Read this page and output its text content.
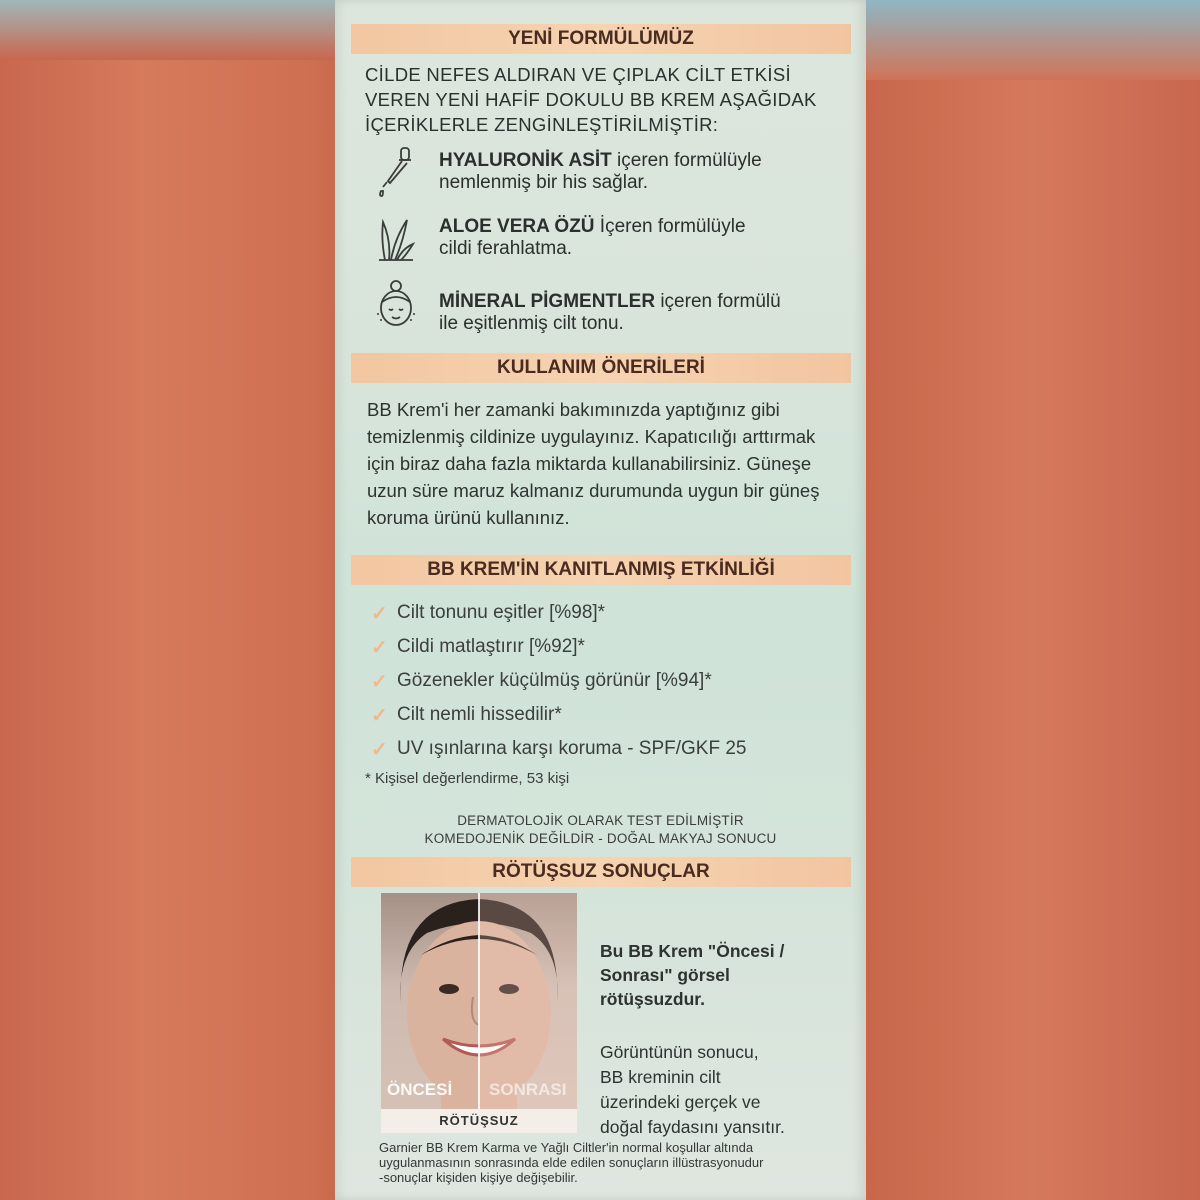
YENİ FORMÜLÜMÜZ
CİLDE NEFES ALDIRAN VE ÇIPLAK CİLT ETKİSİ
VEREN YENİ HAFİF DOKULU BB KREM AŞAĞIDAK
İÇERİKLERLE ZENGİNLEŞTİRİLMİŞTİR:
HYALURONİK ASİT içeren formülüyle
nemlenmiş bir his sağlar.
ALOE VERA ÖZÜ İçeren formülüyle
cildi ferahlatma.
MİNERAL PİGMENTLER içeren formülü
ile eşitlenmiş cilt tonu.
KULLANIM ÖNERİLERİ
BB Krem'i her zamanki bakımınızda yaptığınız gibi
temizlenmiş cildinize uygulayınız. Kapatıcılığı arttırmak
için biraz daha fazla miktarda kullanabilirsiniz. Güneşe
uzun süre maruz kalmanız durumunda uygun bir güneş
koruma ürünü kullanınız.
BB KREM'İN KANITLANMIŞ ETKİNLİĞİ
✓ Cilt tonunu eşitler [%98]*
✓ Cildi matlaştırır [%92]*
✓ Gözenekler küçülmüş görünür [%94]*
✓ Cilt nemli hissedilir*
✓ UV ışınlarına karşı koruma - SPF/GKF 25
* Kişisel değerlendirme, 53 kişi
DERMATOLOJİK OLARAK TEST EDİLMİŞTİR
KOMEDOJENİK DEĞİLDİR - DOĞAL MAKYAJ SONUCU
RÖTÜŞSUZ SONUÇLAR
ÖNCESİ SONRASI
RÖTÜŞSUZ
Bu BB Krem "Öncesi /
Sonrası" görsel
rötüşsuzdur.
Görüntünün sonucu,
BB kreminin cilt
üzerindeki gerçek ve
doğal faydasını yansıtır.
Garnier BB Krem Karma ve Yağlı Ciltler'in normal koşullar altında
uygulanmasının sonrasında elde edilen sonuçların illüstrasyonudur
-sonuçlar kişiden kişiye değişebilir.
